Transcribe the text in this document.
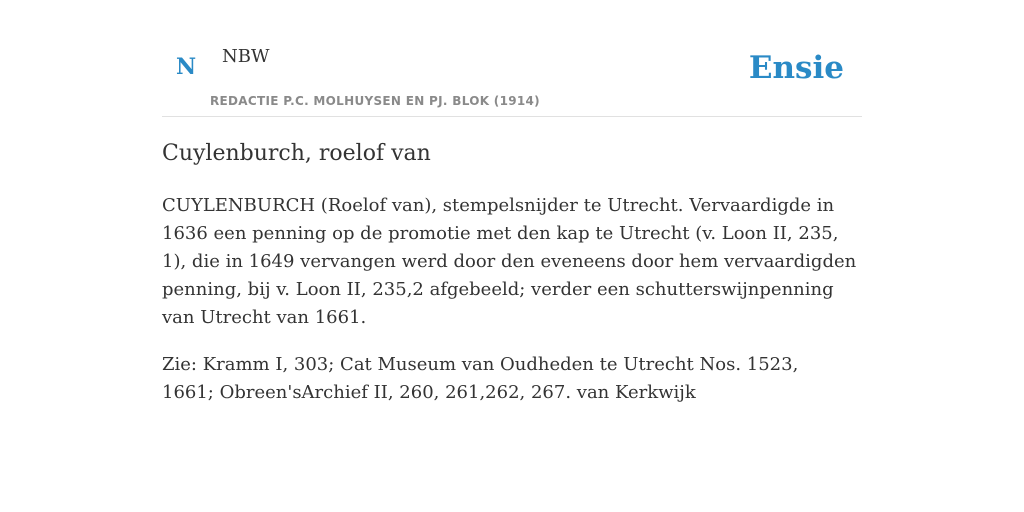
N NBW
REDACTIE P.C. MOLHUYSEN EN PJ. BLOK (1914)
Ensie
Cuylenburch, roelof van

CUYLENBURCH (Roelof van), stempelsnijder te Utrecht. Vervaardigde in 1636 een penning op de promotie met den kap te Utrecht (v. Loon II, 235, 1), die in 1649 vervangen werd door den eveneens door hem vervaardigden penning, bij v. Loon II, 235,2 afgebeeld; verder een schutterswijnpenning van Utrecht van 1661.

Zie: Kramm I, 303; Cat Museum van Oudheden te Utrecht Nos. 1523, 1661; Obreen'sArchief II, 260, 261,262, 267. van Kerkwijk
